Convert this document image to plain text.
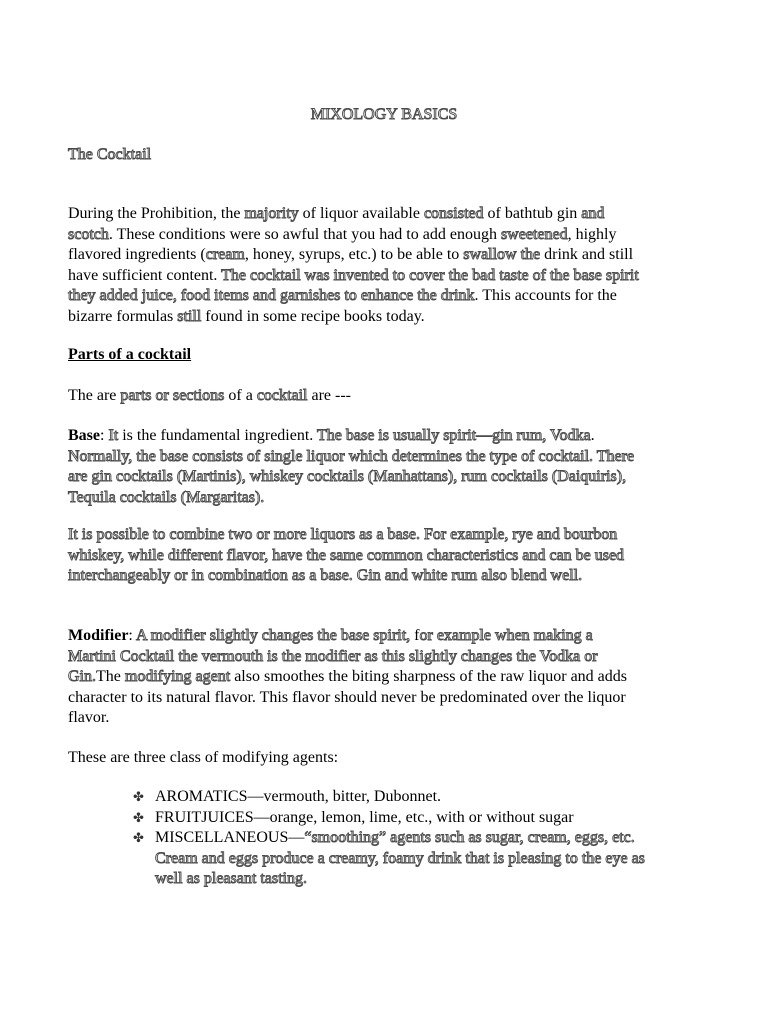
MIXOLOGY BASICS
The Cocktail

During the Prohibition, the majority of liquor available consisted of bathtub gin and scotch. These conditions were so awful that you had to add enough sweetened, highly flavored ingredients (cream, honey, syrups, etc.) to be able to swallow the drink and still have sufficient content. The cocktail was invented to cover the bad taste of the base spirit they added juice, food items and garnishes to enhance the drink. This accounts for the bizarre formulas still found in some recipe books today.

Parts of a cocktail

The are parts or sections of a cocktail are ---

Base: It is the fundamental ingredient. The base is usually spirit—gin rum, Vodka. Normally, the base consists of single liquor which determines the type of cocktail. There are gin cocktails (Martinis), whiskey cocktails (Manhattans), rum cocktails (Daiquiris), Tequila cocktails (Margaritas).

It is possible to combine two or more liquors as a base. For example, rye and bourbon whiskey, while different flavor, have the same common characteristics and can be used interchangeably or in combination as a base. Gin and white rum also blend well.

Modifier: A modifier slightly changes the base spirit, for example when making a Martini Cocktail the vermouth is the modifier as this slightly changes the Vodka or Gin.The modifying agent also smoothes the biting sharpness of the raw liquor and adds character to its natural flavor. This flavor should never be predominated over the liquor flavor.

These are three class of modifying agents:

✤ AROMATICS—vermouth, bitter, Dubonnet.
✤ FRUITJUICES—orange, lemon, lime, etc., with or without sugar
✤ MISCELLANEOUS—“smoothing” agents such as sugar, cream, eggs, etc. Cream and eggs produce a creamy, foamy drink that is pleasing to the eye as well as pleasant tasting.
